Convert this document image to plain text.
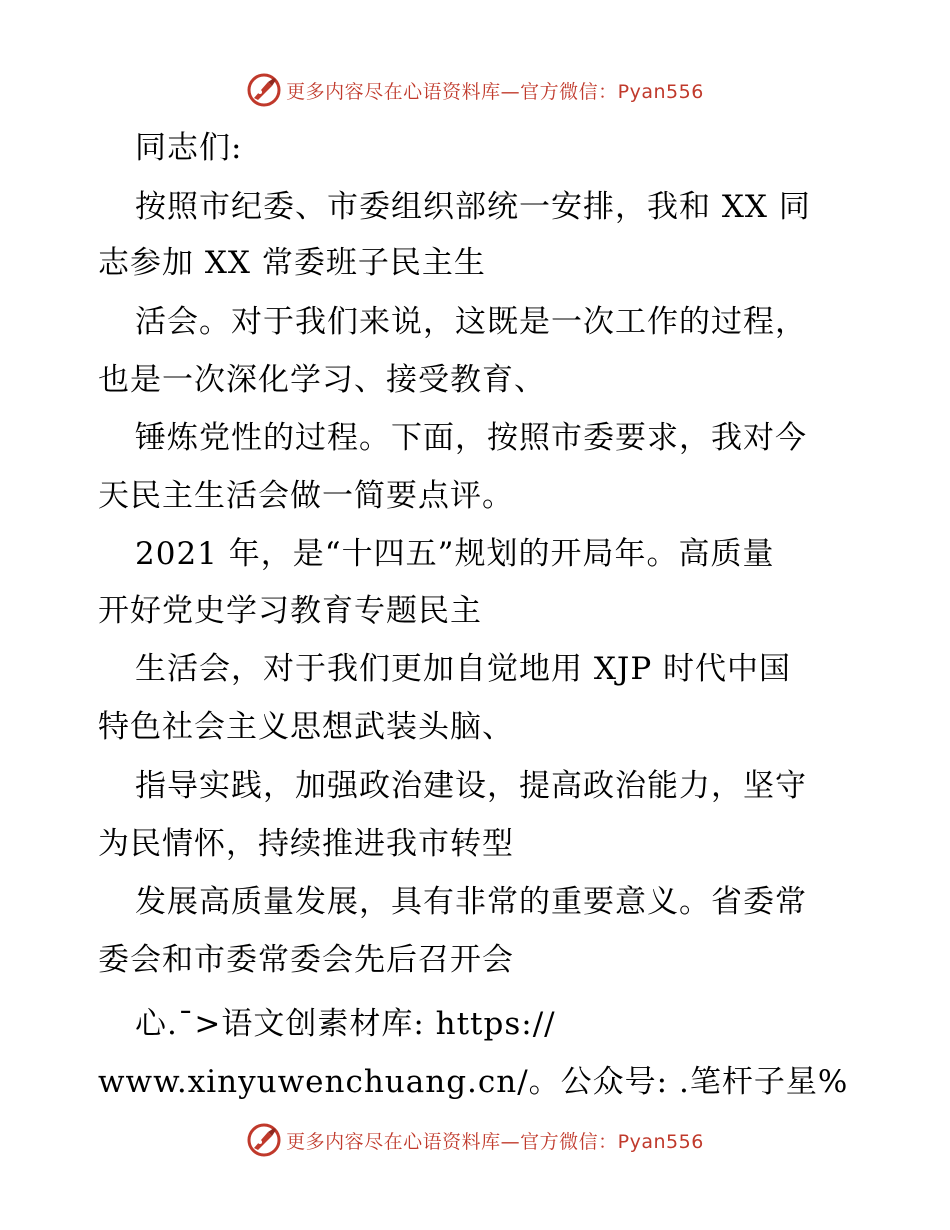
更多内容尽在心语资料库—官方微信：Pyan556
同志们:
按照市纪委、市委组织部统一安排，我和 XX 同
志参加 XX 常委班子民主生
活会。对于我们来说，这既是一次工作的过程，
也是一次深化学习、接受教育、
锤炼党性的过程。下面，按照市委要求，我对今
天民主生活会做一简要点评。
2021 年，是“十四五”规划的开局年。高质量
开好党史学习教育专题民主
生活会，对于我们更加自觉地用 XJP 时代中国
特色社会主义思想武装头脑、
指导实践，加强政治建设，提高政治能力，坚守
为民情怀，持续推进我市转型
发展高质量发展，具有非常的重要意义。省委常
委会和市委常委会先后召开会
心.¯>语文创素材库: https://
www.xinyuwenchuang.cn/。公众号: .笔杆子星%
更多内容尽在心语资料库—官方微信：Pyan556
